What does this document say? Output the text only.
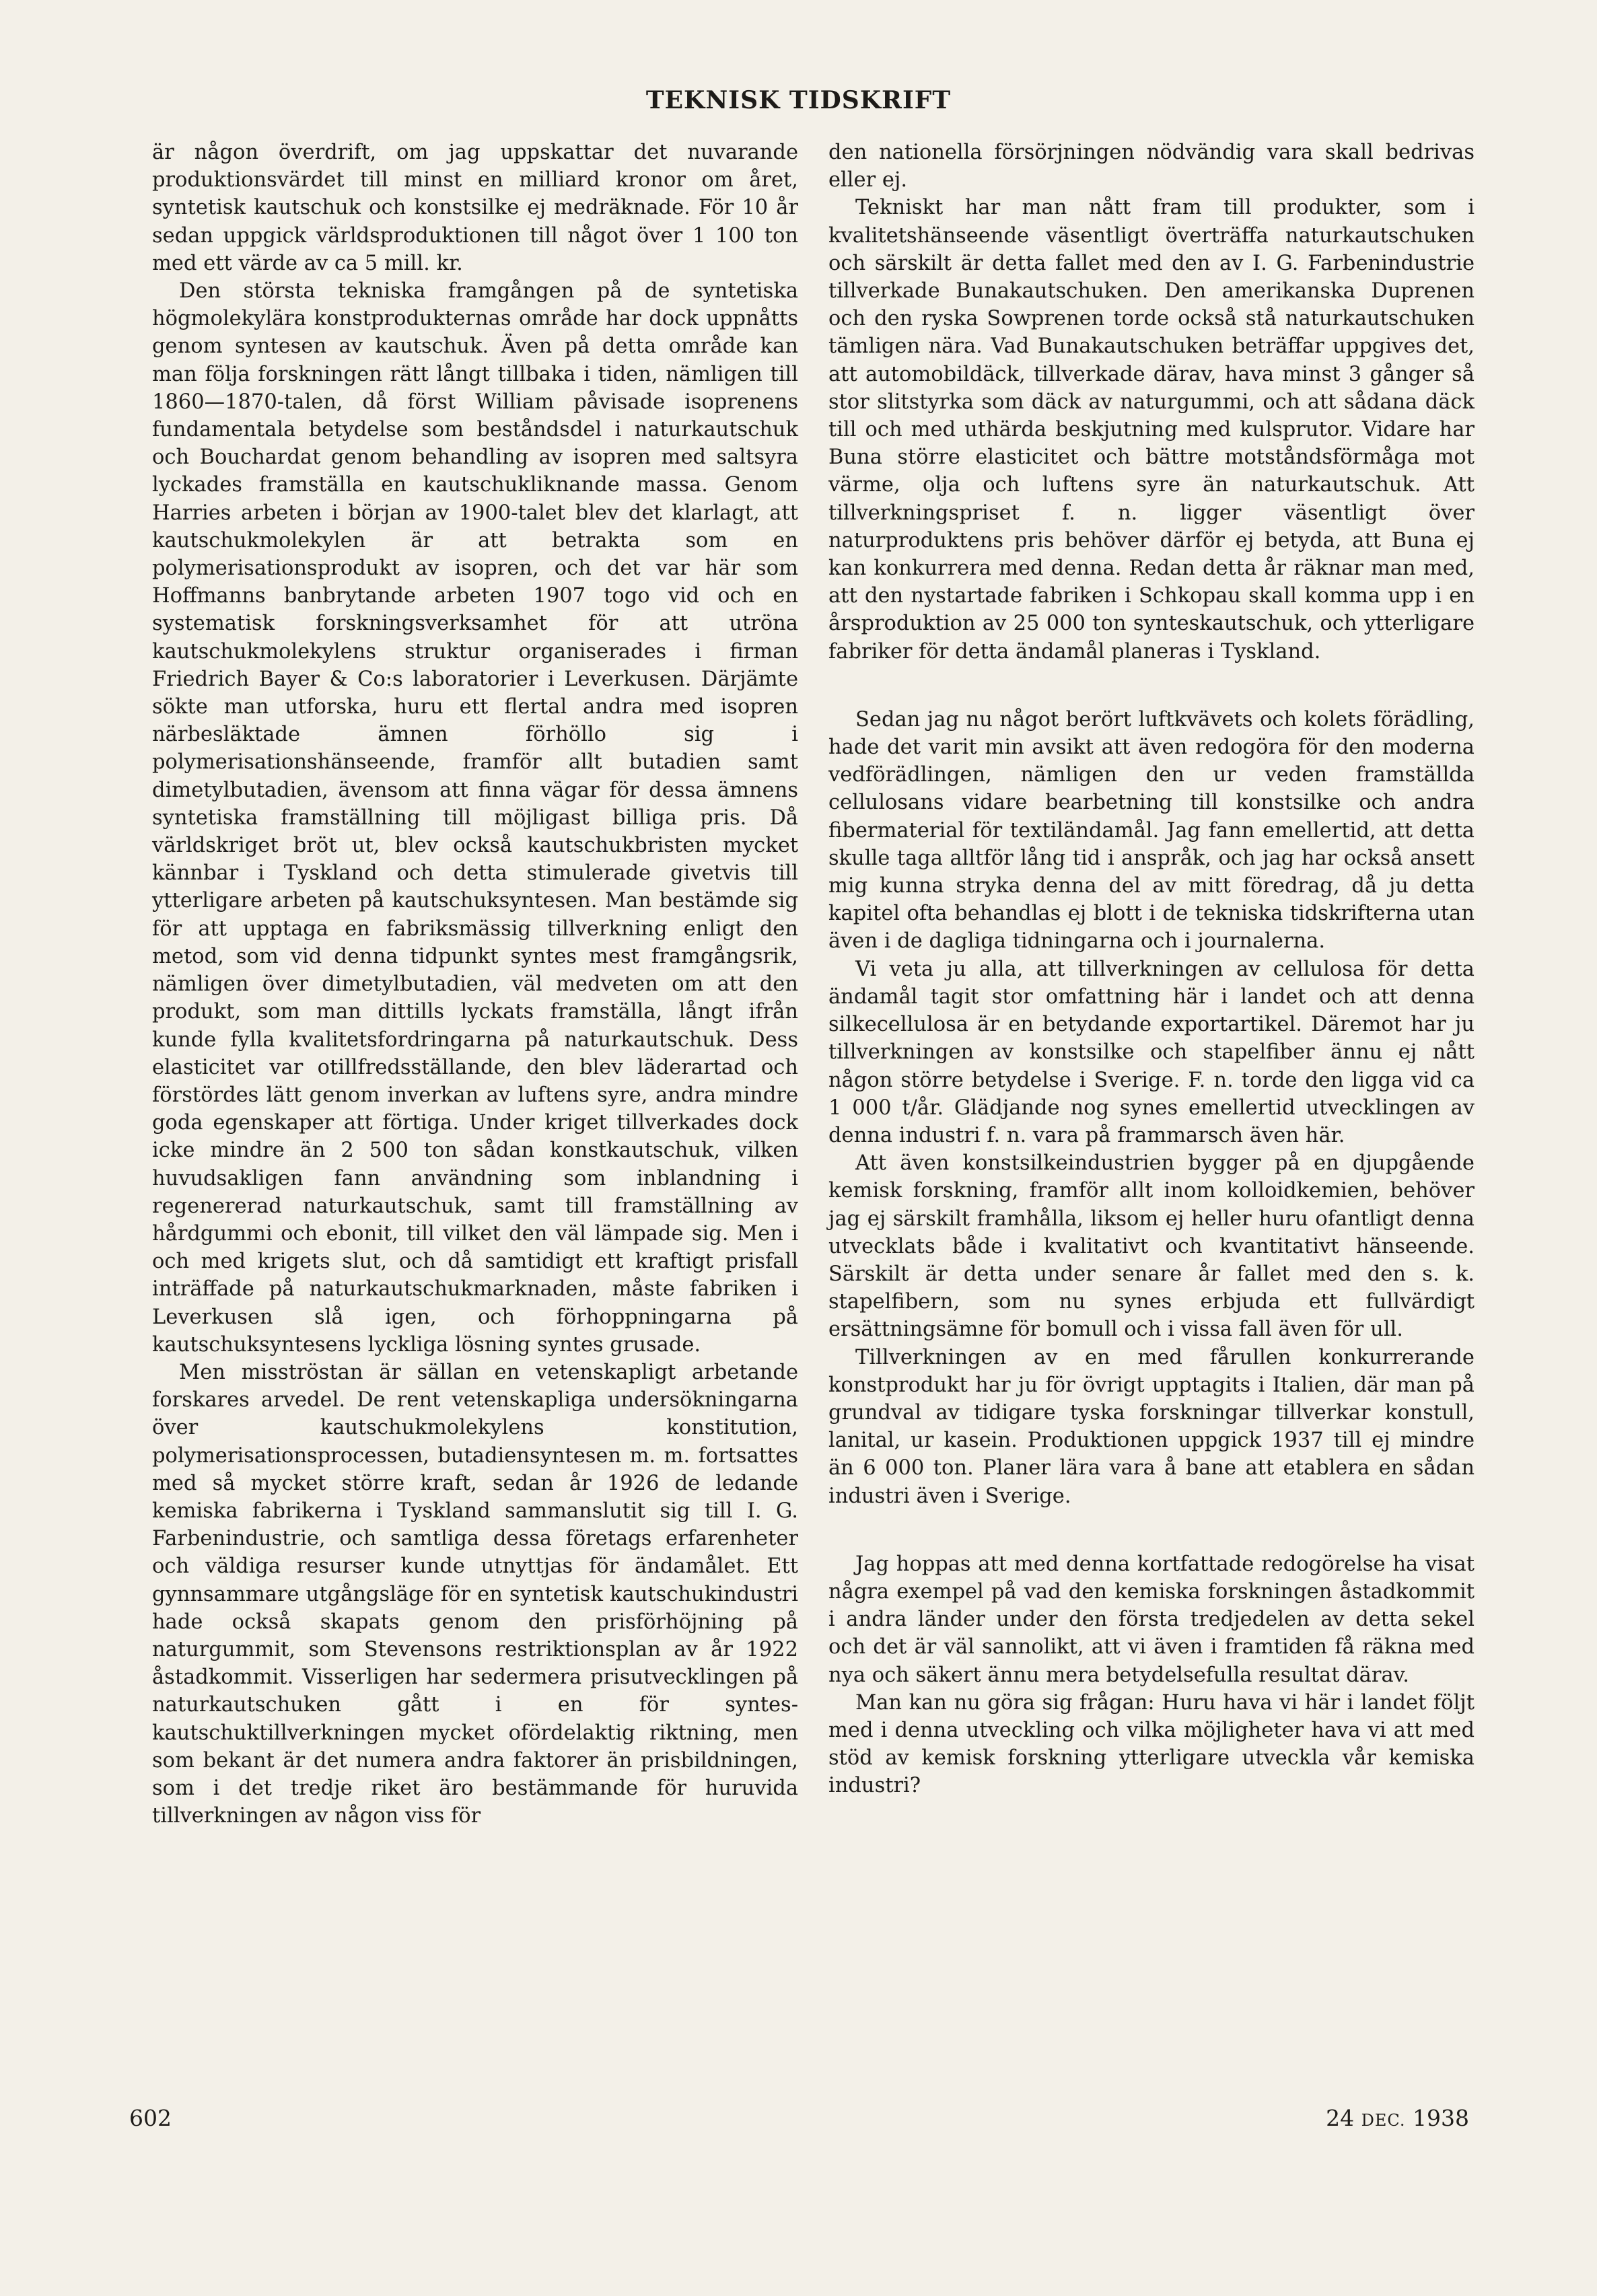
TEKNISK TIDSKRIFT

är någon överdrift, om jag uppskattar det nuvarande produktionsvärdet till minst en milliard kronor om året, syntetisk kautschuk och konstsilke ej medräknade. För 10 år sedan uppgick världsproduktionen till något över 1 100 ton med ett värde av ca 5 mill. kr.

Den största tekniska framgången på de syntetiska högmolekylära konstprodukternas område har dock uppnåtts genom syntesen av kautschuk. Även på detta område kan man följa forskningen rätt långt tillbaka i tiden, nämligen till 1860—1870-talen, då först William påvisade isoprenens fundamentala betydelse som beståndsdel i naturkautschuk och Bouchardat genom behandling av isopren med saltsyra lyckades framställa en kautschukliknande massa. Genom Harries arbeten i början av 1900-talet blev det klarlagt, att kautschukmolekylen är att betrakta som en polymerisationsprodukt av isopren, och det var här som Hoffmanns banbrytande arbeten 1907 togo vid och en systematisk forskningsverksamhet för att utröna kautschukmolekylens struktur organiserades i firman Friedrich Bayer & Co:s laboratorier i Leverkusen. Därjämte sökte man utforska, huru ett flertal andra med isopren närbesläktade ämnen förhöllo sig i polymerisationshänseende, framför allt butadien samt dimetylbutadien, ävensom att finna vägar för dessa ämnens syntetiska framställning till möjligast billiga pris. Då världskriget bröt ut, blev också kautschukbristen mycket kännbar i Tyskland och detta stimulerade givetvis till ytterligare arbeten på kautschuksyntesen. Man bestämde sig för att upptaga en fabriksmässig tillverkning enligt den metod, som vid denna tidpunkt syntes mest framgångsrik, nämligen över dimetylbutadien, väl medveten om att den produkt, som man dittills lyckats framställa, långt ifrån kunde fylla kvalitetsfordringarna på naturkautschuk. Dess elasticitet var otillfredsställande, den blev läderartad och förstördes lätt genom inverkan av luftens syre, andra mindre goda egenskaper att förtiga. Under kriget tillverkades dock icke mindre än 2 500 ton sådan konstkautschuk, vilken huvudsakligen fann användning som inblandning i regenererad naturkautschuk, samt till framställning av hårdgummi och ebonit, till vilket den väl lämpade sig. Men i och med krigets slut, och då samtidigt ett kraftigt prisfall inträffade på naturkautschukmarknaden, måste fabriken i Leverkusen slå igen, och förhoppningarna på kautschuksyntesens lyckliga lösning syntes grusade.

Men misströstan är sällan en vetenskapligt arbetande forskares arvedel. De rent vetenskapliga undersökningarna över kautschukmolekylens konstitution, polymerisationsprocessen, butadiensyntesen m. m. fortsattes med så mycket större kraft, sedan år 1926 de ledande kemiska fabrikerna i Tyskland sammanslutit sig till I. G. Farbenindustrie, och samtliga dessa företags erfarenheter och väldiga resurser kunde utnyttjas för ändamålet. Ett gynnsammare utgångsläge för en syntetisk kautschukindustri hade också skapats genom den prisförhöjning på naturgummit, som Stevensons restriktionsplan av år 1922 åstadkommit. Visserligen har sedermera prisutvecklingen på naturkautschuken gått i en för syntes-kautschuktillverkningen mycket ofördelaktig riktning, men som bekant är det numera andra faktorer än prisbildningen, som i det tredje riket äro bestämmande för huruvida tillverkningen av någon viss för

den nationella försörjningen nödvändig vara skall bedrivas eller ej.

Tekniskt har man nått fram till produkter, som i kvalitetshänseende väsentligt överträffa naturkautschuken och särskilt är detta fallet med den av I. G. Farbenindustrie tillverkade Bunakautschuken. Den amerikanska Duprenen och den ryska Sowprenen torde också stå naturkautschuken tämligen nära. Vad Bunakautschuken beträffar uppgives det, att automobildäck, tillverkade därav, hava minst 3 gånger så stor slitstyrka som däck av naturgummi, och att sådana däck till och med uthärda beskjutning med kulsprutor. Vidare har Buna större elasticitet och bättre motståndsförmåga mot värme, olja och luftens syre än naturkautschuk. Att tillverkningspriset f. n. ligger väsentligt över naturproduktens pris behöver därför ej betyda, att Buna ej kan konkurrera med denna. Redan detta år räknar man med, att den nystartade fabriken i Schkopau skall komma upp i en årsproduktion av 25 000 ton synteskautschuk, och ytterligare fabriker för detta ändamål planeras i Tyskland.

Sedan jag nu något berört luftkvävets och kolets förädling, hade det varit min avsikt att även redogöra för den moderna vedförädlingen, nämligen den ur veden framställda cellulosans vidare bearbetning till konstsilke och andra fibermaterial för textiländamål. Jag fann emellertid, att detta skulle taga alltför lång tid i anspråk, och jag har också ansett mig kunna stryka denna del av mitt föredrag, då ju detta kapitel ofta behandlas ej blott i de tekniska tidskrifterna utan även i de dagliga tidningarna och i journalerna.

Vi veta ju alla, att tillverkningen av cellulosa för detta ändamål tagit stor omfattning här i landet och att denna silkecellulosa är en betydande exportartikel. Däremot har ju tillverkningen av konstsilke och stapelfiber ännu ej nått någon större betydelse i Sverige. F. n. torde den ligga vid ca 1 000 t/år. Glädjande nog synes emellertid utvecklingen av denna industri f. n. vara på frammarsch även här.

Att även konstsilkeindustrien bygger på en djupgående kemisk forskning, framför allt inom kolloidkemien, behöver jag ej särskilt framhålla, liksom ej heller huru ofantligt denna utvecklats både i kvalitativt och kvantitativt hänseende. Särskilt är detta under senare år fallet med den s. k. stapelfibern, som nu synes erbjuda ett fullvärdigt ersättningsämne för bomull och i vissa fall även för ull.

Tillverkningen av en med fårullen konkurrerande konstprodukt har ju för övrigt upptagits i Italien, där man på grundval av tidigare tyska forskningar tillverkar konstull, lanital, ur kasein. Produktionen uppgick 1937 till ej mindre än 6 000 ton. Planer lära vara å bane att etablera en sådan industri även i Sverige.

Jag hoppas att med denna kortfattade redogörelse ha visat några exempel på vad den kemiska forskningen åstadkommit i andra länder under den första tredjedelen av detta sekel och det är väl sannolikt, att vi även i framtiden få räkna med nya och säkert ännu mera betydelsefulla resultat därav.

Man kan nu göra sig frågan: Huru hava vi här i landet följt med i denna utveckling och vilka möjligheter hava vi att med stöd av kemisk forskning ytterligare utveckla vår kemiska industri?

602	24 DEC. 1938
